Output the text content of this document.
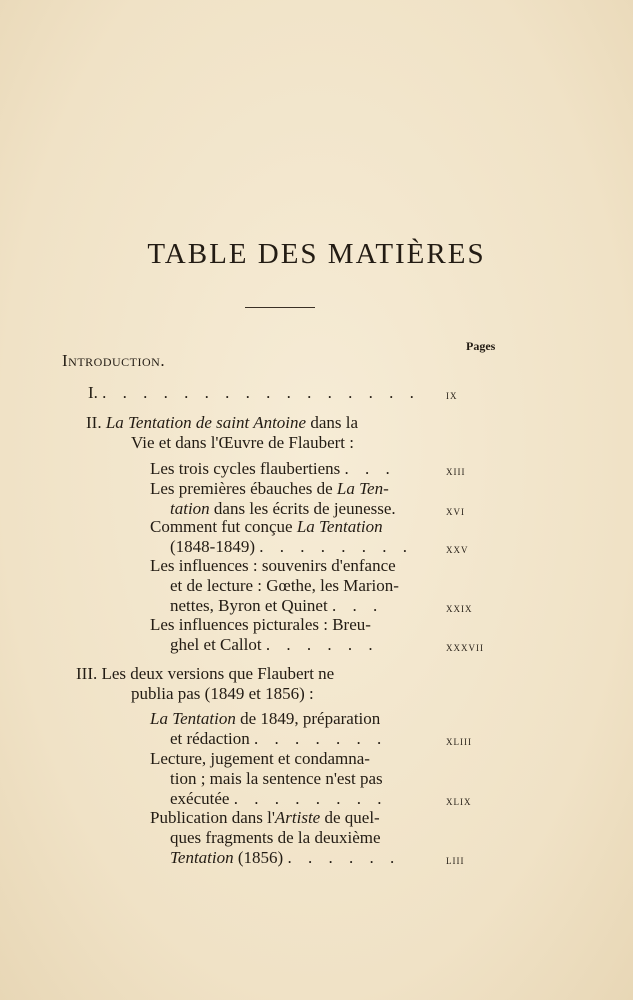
TABLE DES MATIÈRES
Pages
Introduction.
I. . . . . . . . . . . . . . . . . ix
II. La Tentation de saint Antoine dans la
Vie et dans l'Œuvre de Flaubert :
Les trois cycles flaubertiens . . .	xiii
Les premières ébauches de La Ten-
tation dans les écrits de jeunesse.	xvi
Comment fut conçue La Tentation
(1848-1849) . . . . . . . .	xxv
Les influences : souvenirs d'enfance
et de lecture : Gœthe, les Marion-
nettes, Byron et Quinet . . .	xxix
Les influences picturales : Breu-
ghel et Callot . . . . . .	xxxvii
III. Les deux versions que Flaubert ne
publia pas (1849 et 1856) :
La Tentation de 1849, préparation
et rédaction . . . . . . .	xliii
Lecture, jugement et condamna-
tion ; mais la sentence n'est pas
exécutée . . . . . . . .	xlix
Publication dans l'Artiste de quel-
ques fragments de la deuxième
Tentation (1856) . . . . . .	liii
